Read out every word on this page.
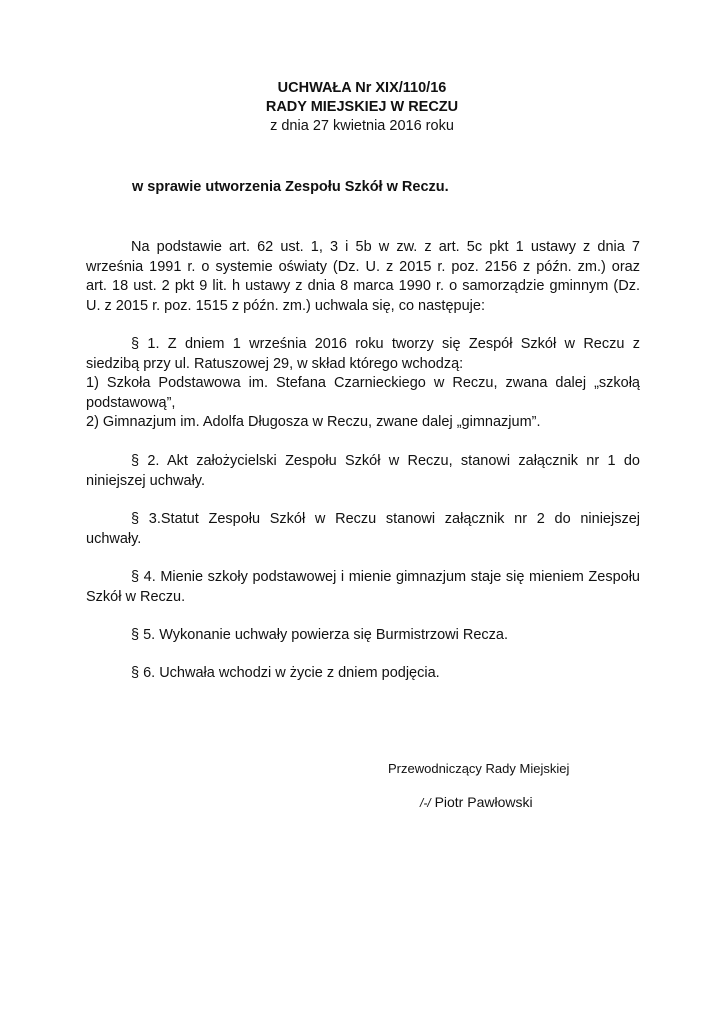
UCHWAŁA Nr XIX/110/16
RADY MIEJSKIEJ W RECZU
z dnia 27 kwietnia 2016 roku
w sprawie utworzenia Zespołu Szkół w Reczu.
Na podstawie art. 62 ust. 1, 3 i 5b w zw. z art. 5c pkt 1 ustawy z dnia 7
września 1991 r. o systemie oświaty (Dz. U. z 2015 r. poz. 2156 z późn. zm.) oraz
art. 18 ust. 2 pkt 9 lit. h ustawy z dnia 8 marca 1990 r. o samorządzie gminnym (Dz.
U. z 2015 r. poz. 1515 z późn. zm.) uchwala się, co następuje:
§ 1. Z dniem 1 września 2016 roku tworzy się Zespół Szkół w Reczu z
siedzibą przy ul. Ratuszowej 29, w skład którego wchodzą:
1) Szkoła Podstawowa im. Stefana Czarnieckiego w Reczu, zwana dalej „szkołą
podstawową”,
2) Gimnazjum im. Adolfa Długosza w Reczu, zwane dalej „gimnazjum”.
§ 2. Akt założycielski Zespołu Szkół w Reczu, stanowi załącznik nr 1 do
niniejszej uchwały.
§ 3.Statut Zespołu Szkół w Reczu stanowi załącznik nr 2 do niniejszej
uchwały.
§ 4. Mienie szkoły podstawowej i mienie gimnazjum staje się mieniem Zespołu
Szkół w Reczu.
§ 5. Wykonanie uchwały powierza się Burmistrzowi Recza.
§ 6. Uchwała wchodzi w życie z dniem podjęcia.
Przewodniczący Rady Miejskiej
/-/ Piotr Pawłowski
